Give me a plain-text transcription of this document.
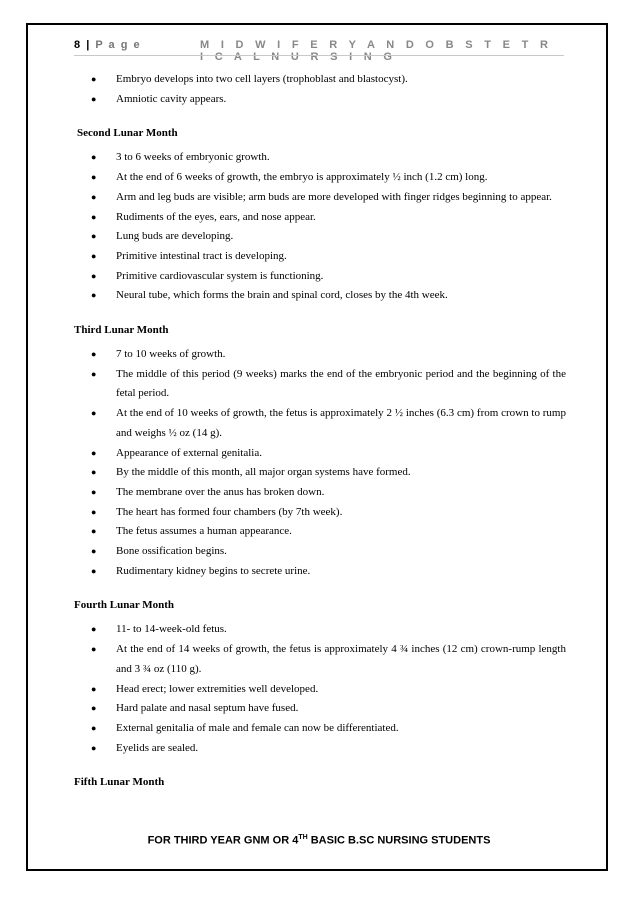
8 | P a g e	M I D W I F E R Y A N D O B S T E T R I C A L N U R S I N G
● Embryo develops into two cell layers (trophoblast and blastocyst).
● Amniotic cavity appears.

Second Lunar Month

● 3 to 6 weeks of embryonic growth.
● At the end of 6 weeks of growth, the embryo is approximately ½ inch (1.2 cm) long.
● Arm and leg buds are visible; arm buds are more developed with finger ridges beginning to appear.
● Rudiments of the eyes, ears, and nose appear.
● Lung buds are developing.
● Primitive intestinal tract is developing.
● Primitive cardiovascular system is functioning.
● Neural tube, which forms the brain and spinal cord, closes by the 4th week.

Third Lunar Month

● 7 to 10 weeks of growth.
● The middle of this period (9 weeks) marks the end of the embryonic period and the beginning of the fetal period.
● At the end of 10 weeks of growth, the fetus is approximately 2 ½ inches (6.3 cm) from crown to rump and weighs ½ oz (14 g).
● Appearance of external genitalia.
● By the middle of this month, all major organ systems have formed.
● The membrane over the anus has broken down.
● The heart has formed four chambers (by 7th week).
● The fetus assumes a human appearance.
● Bone ossification begins.
● Rudimentary kidney begins to secrete urine.

Fourth Lunar Month

● 11- to 14-week-old fetus.
● At the end of 14 weeks of growth, the fetus is approximately 4 ¾ inches (12 cm) crown-rump length and 3 ¾ oz (110 g).
● Head erect; lower extremities well developed.
● Hard palate and nasal septum have fused.
● External genitalia of male and female can now be differentiated.
● Eyelids are sealed.

Fifth Lunar Month

FOR THIRD YEAR GNM OR 4TH BASIC B.SC NURSING STUDENTS
